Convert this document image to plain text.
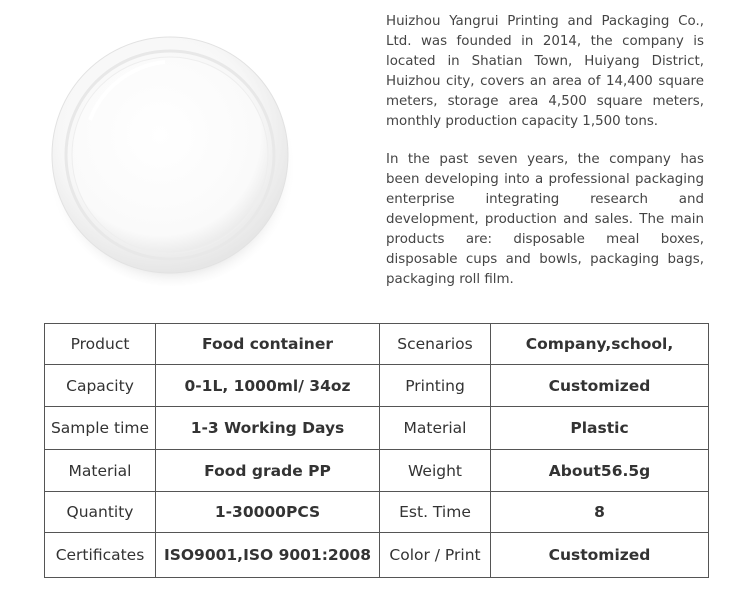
Huizhou Yangrui Printing and Packaging Co., Ltd. was founded in 2014, the company is located in Shatian Town, Huiyang District, Huizhou city, covers an area of 14,400 square meters, storage area 4,500 square meters, monthly production capacity 1,500 tons.

In the past seven years, the company has been developing into a professional packaging enterprise integrating research and development, production and sales. The main products are: disposable meal boxes, disposable cups and bowls, packaging bags, packaging roll film.

Product	Food container	Scenarios	Company,school,
Capacity	0-1L, 1000ml/ 34oz	Printing	Customized
Sample time	1-3 Working Days	Material	Plastic
Material	Food grade PP	Weight	About56.5g
Quantity	1-30000PCS	Est. Time	8
Certificates	ISO9001,ISO 9001:2008	Color / Print	Customized
